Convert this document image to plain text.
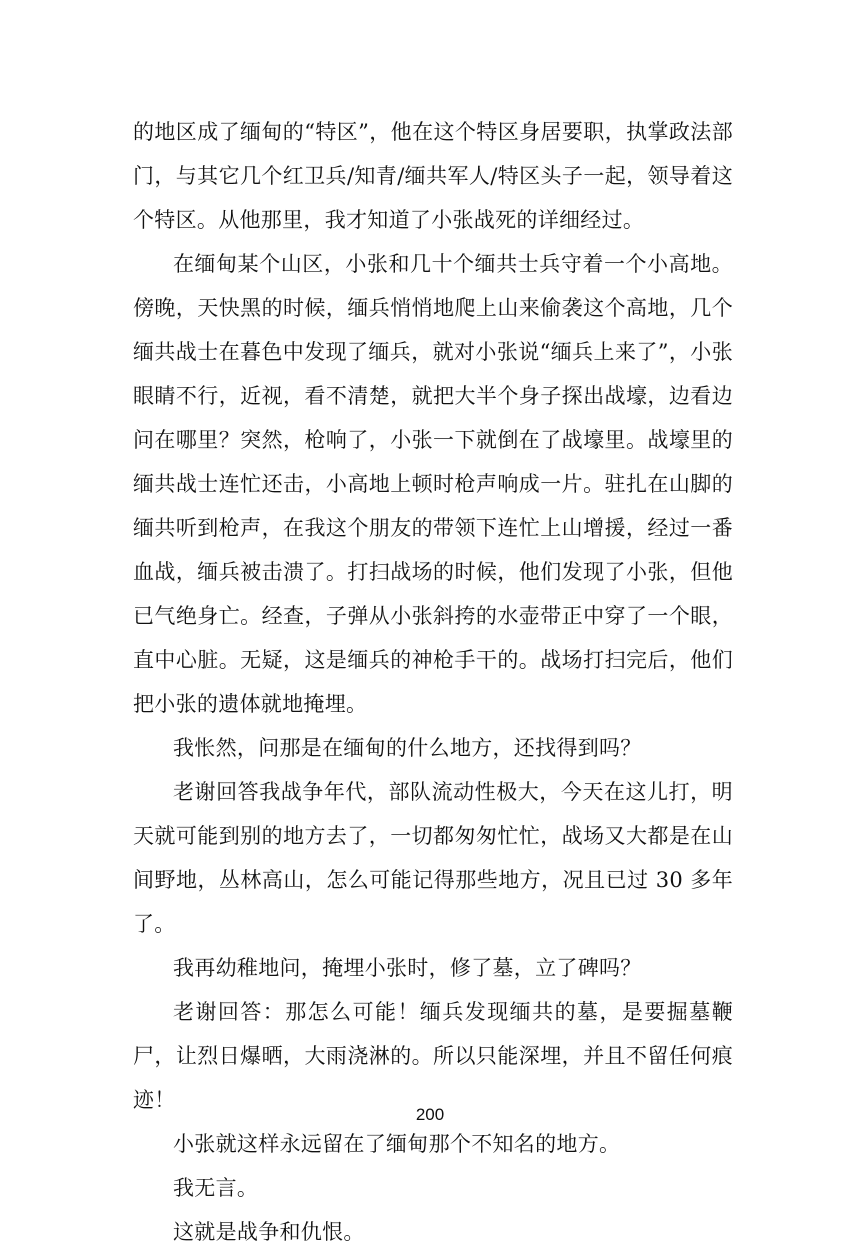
的地区成了缅甸的“特区”，他在这个特区身居要职，执掌政法部门，与其它几个红卫兵/知青/缅共军人/特区头子一起，领导着这个特区。从他那里，我才知道了小张战死的详细经过。

在缅甸某个山区，小张和几十个缅共士兵守着一个小高地。傍晚，天快黑的时候，缅兵悄悄地爬上山来偷袭这个高地，几个缅共战士在暮色中发现了缅兵，就对小张说“缅兵上来了”，小张眼睛不行，近视，看不清楚，就把大半个身子探出战壕，边看边问在哪里？突然，枪响了，小张一下就倒在了战壕里。战壕里的缅共战士连忙还击，小高地上顿时枪声响成一片。驻扎在山脚的缅共听到枪声，在我这个朋友的带领下连忙上山增援，经过一番血战，缅兵被击溃了。打扫战场的时候，他们发现了小张，但他已气绝身亡。经查，子弹从小张斜挎的水壶带正中穿了一个眼，直中心脏。无疑，这是缅兵的神枪手干的。战场打扫完后，他们把小张的遗体就地掩埋。

我怅然，问那是在缅甸的什么地方，还找得到吗？

老谢回答我战争年代，部队流动性极大，今天在这儿打，明天就可能到别的地方去了，一切都匆匆忙忙，战场又大都是在山间野地，丛林高山，怎么可能记得那些地方，况且已过 30 多年了。

我再幼稚地问，掩埋小张时，修了墓，立了碑吗？

老谢回答：那怎么可能！缅兵发现缅共的墓，是要掘墓鞭尸，让烈日爆晒，大雨浇淋的。所以只能深埋，并且不留任何痕迹！

小张就这样永远留在了缅甸那个不知名的地方。

我无言。

这就是战争和仇恨。

200
